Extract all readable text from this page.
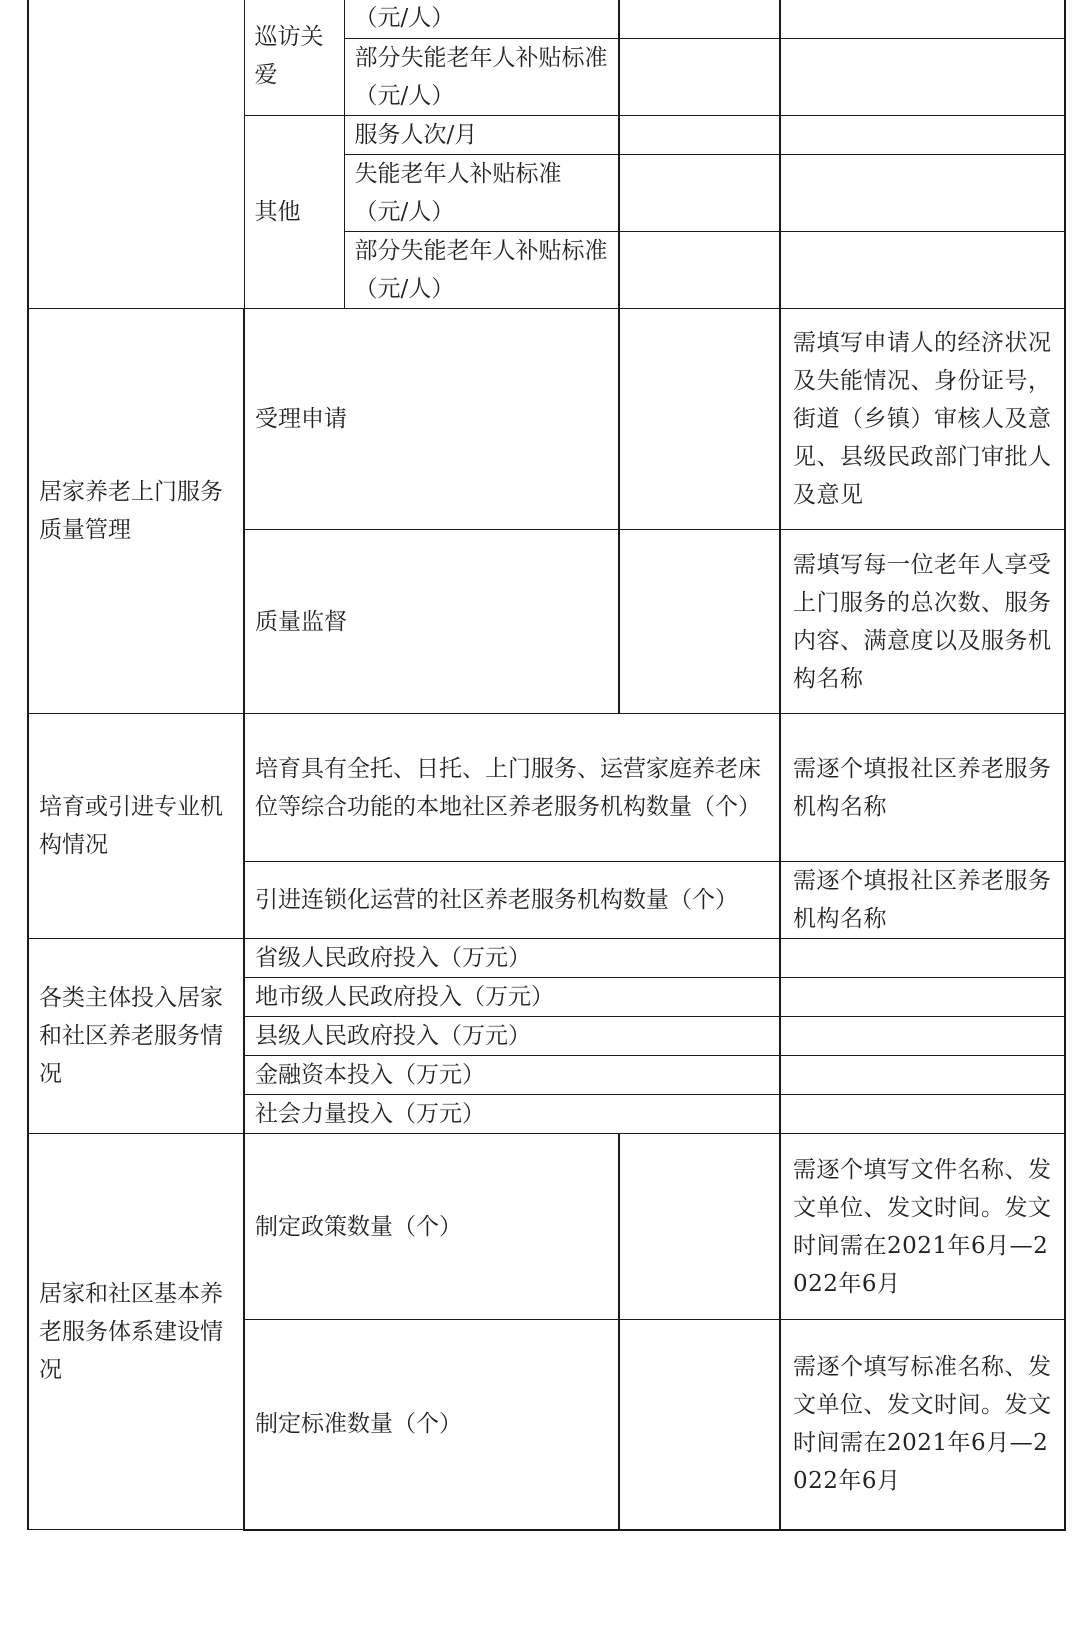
	巡访关爱	（元/人）		
		部分失能老年人补贴标准（元/人）		
	其他	服务人次/月		
		失能老年人补贴标准（元/人）		
		部分失能老年人补贴标准（元/人）		
居家养老上门服务质量管理	受理申请			需填写申请人的经济状况及失能情况、身份证号，街道（乡镇）审核人及意见、县级民政部门审批人及意见
	质量监督			需填写每一位老年人享受上门服务的总次数、服务内容、满意度以及服务机构名称
培育或引进专业机构情况	培育具有全托、日托、上门服务、运营家庭养老床位等综合功能的本地社区养老服务机构数量（个）			需逐个填报社区养老服务机构名称
	引进连锁化运营的社区养老服务机构数量（个）			需逐个填报社区养老服务机构名称
各类主体投入居家和社区养老服务情况	省级人民政府投入（万元）			
	地市级人民政府投入（万元）			
	县级人民政府投入（万元）			
	金融资本投入（万元）			
	社会力量投入（万元）			
居家和社区基本养老服务体系建设情况	制定政策数量（个）			需逐个填写文件名称、发文单位、发文时间。发文时间需在2021年6月—2022年6月
	制定标准数量（个）			需逐个填写标准名称、发文单位、发文时间。发文时间需在2021年6月—2022年6月
